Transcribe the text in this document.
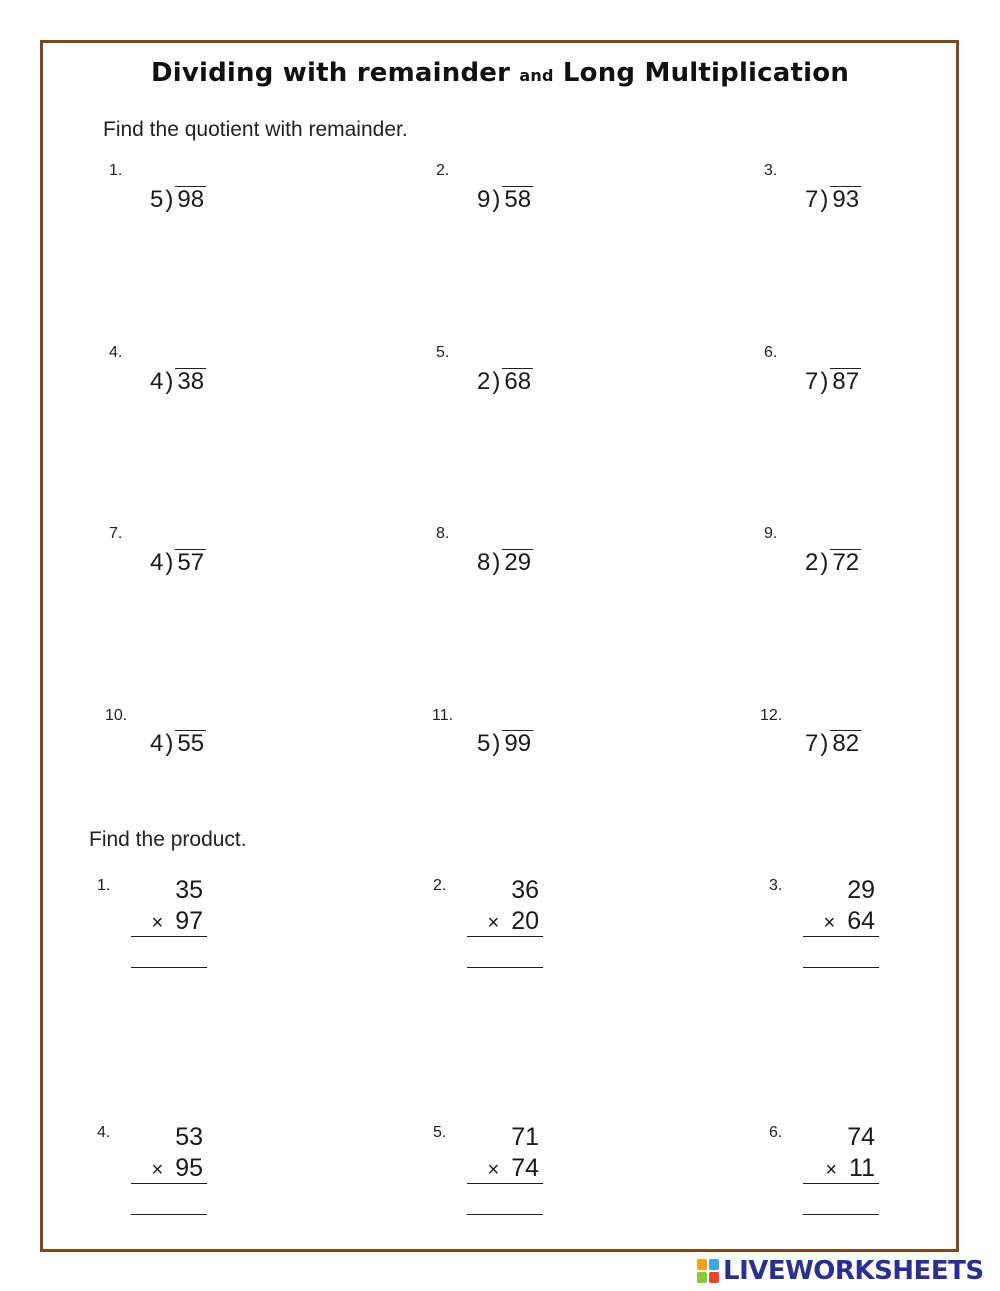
Dividing with remainder and Long Multiplication
Find the quotient with remainder.
1.
5) 98
2.
9) 58
3.
7) 93
4.
4) 38
5.
2) 68
6.
7) 87
7.
4) 57
8.
8) 29
9.
2) 72
10.
4) 55
11.
5) 99
12.
7) 82
Find the product.
1.	35
× 97
2.	36
× 20
3.	29
× 64
4.	53
× 95
5.	71
× 74
6.	74
× 11
LIVEWORKSHEETS
